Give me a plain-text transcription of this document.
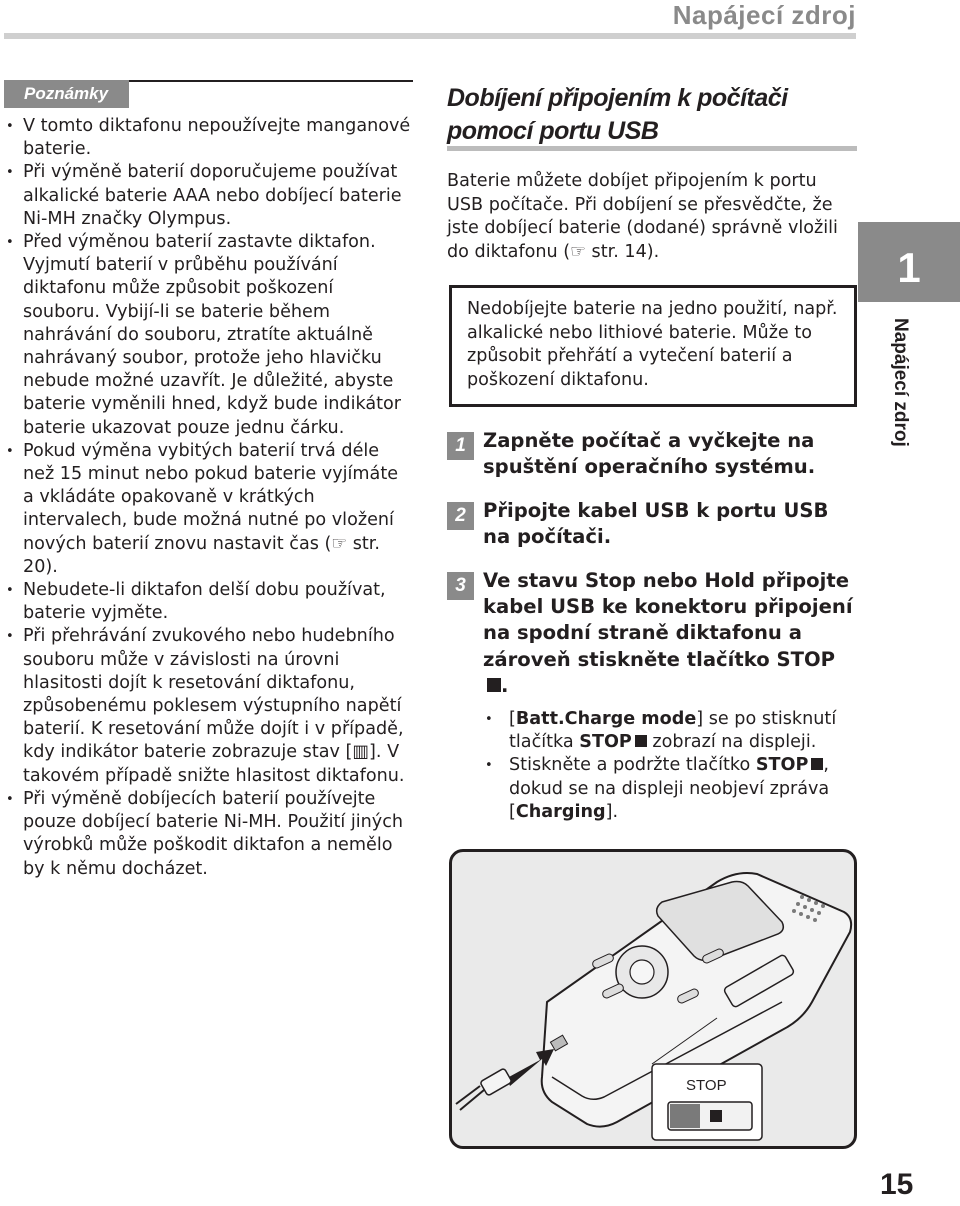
Napájecí zdroj
Poznámky
• V tomto diktafonu nepoužívejte manganové baterie.
• Při výměně baterií doporučujeme používat alkalické baterie AAA nebo dobíjecí baterie Ni-MH značky Olympus.
• Před výměnou baterií zastavte diktafon. Vyjmutí baterií v průběhu používání diktafonu může způsobit poškození souboru. Vybijí-li se baterie během nahrávání do souboru, ztratíte aktuálně nahrávaný soubor, protože jeho hlavičku nebude možné uzavřít. Je důležité, abyste baterie vyměnili hned, když bude indikátor baterie ukazovat pouze jednu čárku.
• Pokud výměna vybitých baterií trvá déle než 15 minut nebo pokud baterie vyjímáte a vkládáte opakovaně v krátkých intervalech, bude možná nutné po vložení nových baterií znovu nastavit čas (☞ str. 20).
• Nebudete-li diktafon delší dobu používat, baterie vyjměte.
• Při přehrávání zvukového nebo hudebního souboru může v závislosti na úrovni hlasitosti dojít k resetování diktafonu, způsobenému poklesem výstupního napětí baterií. K resetování může dojít i v případě, kdy indikátor baterie zobrazuje stav [▥]. V takovém případě snižte hlasitost diktafonu.
• Při výměně dobíjecích baterií používejte pouze dobíjecí baterie Ni-MH. Použití jiných výrobků může poškodit diktafon a nemělo by k němu docházet.
Dobíjení připojením k počítači
pomocí portu USB
Baterie můžete dobíjet připojením k portu USB počítače. Při dobíjení se přesvědčte, že jste dobíjecí baterie (dodané) správně vložili do diktafonu (☞ str. 14).
Nedobíjejte baterie na jedno použití, např. alkalické nebo lithiové baterie. Může to způsobit přehřátí a vytečení baterií a poškození diktafonu.
1 Zapněte počítač a vyčkejte na spuštění operačního systému.
2 Připojte kabel USB k portu USB na počítači.
3 Ve stavu Stop nebo Hold připojte kabel USB ke konektoru připojení na spodní straně diktafonu a zároveň stiskněte tlačítko STOP .
• [Batt.Charge mode] se po stisknutí tlačítka STOP zobrazí na displeji.
• Stiskněte a podržte tlačítko STOP , dokud se na displeji neobjeví zpráva [Charging].
STOP
1
Napájecí zdroj
15
